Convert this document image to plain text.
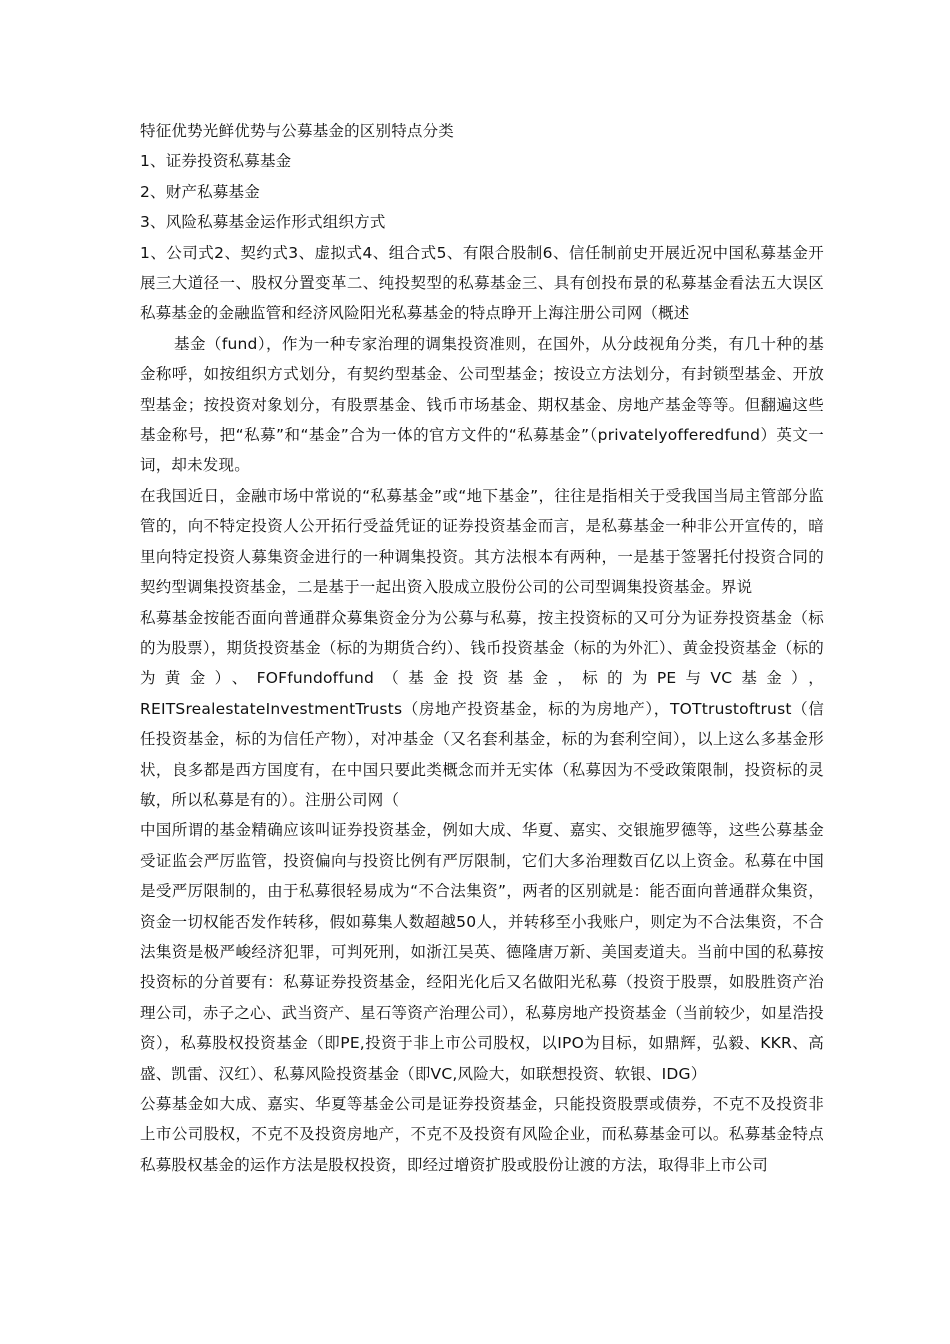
特征优势光鲜优势与公募基金的区别特点分类

1、证券投资私募基金

2、财产私募基金

3、风险私募基金运作形式组织方式

1、公司式2、契约式3、虚拟式4、组合式5、有限合股制6、信任制前史开展近况中国私募基金开展三大道径一、股权分置变革二、纯投契型的私募基金三、具有创投布景的私募基金看法五大误区私募基金的金融监管和经济风险阳光私募基金的特点睁开上海注册公司网（概述

基金（fund），作为一种专家治理的调集投资准则，在国外，从分歧视角分类，有几十种的基金称呼，如按组织方式划分，有契约型基金、公司型基金；按设立方法划分，有封锁型基金、开放型基金；按投资对象划分，有股票基金、钱币市场基金、期权基金、房地产基金等等。但翻遍这些基金称号，把“私募”和“基金”合为一体的官方文件的“私募基金”（privatelyofferedfund）英文一词，却未发现。

在我国近日，金融市场中常说的“私募基金”或“地下基金”，往往是指相关于受我国当局主管部分监管的，向不特定投资人公开拓行受益凭证的证券投资基金而言，是私募基金一种非公开宣传的，暗里向特定投资人募集资金进行的一种调集投资。其方法根本有两种，一是基于签署托付投资合同的契约型调集投资基金，二是基于一起出资入股成立股份公司的公司型调集投资基金。界说

私募基金按能否面向普通群众募集资金分为公募与私募，按主投资标的又可分为证券投资基金（标的为股票），期货投资基金（标的为期货合约）、钱币投资基金（标的为外汇）、黄金投资基金（标的为黄金）、FOFfundoffund（基金投资基金，标的为PE与VC基金），REITSrealestateInvestmentTrusts（房地产投资基金，标的为房地产），TOTtrustoftrust（信任投资基金，标的为信任产物），对冲基金（又名套利基金，标的为套利空间），以上这么多基金形状，良多都是西方国度有，在中国只要此类概念而并无实体（私募因为不受政策限制，投资标的灵敏，所以私募是有的）。注册公司网（

中国所谓的基金精确应该叫证券投资基金，例如大成、华夏、嘉实、交银施罗德等，这些公募基金受证监会严厉监管，投资偏向与投资比例有严厉限制，它们大多治理数百亿以上资金。私募在中国是受严厉限制的，由于私募很轻易成为“不合法集资”，两者的区别就是：能否面向普通群众集资，资金一切权能否发作转移，假如募集人数超越50人，并转移至小我账户，则定为不合法集资，不合法集资是极严峻经济犯罪，可判死刑，如浙江吴英、德隆唐万新、美国麦道夫。当前中国的私募按投资标的分首要有：私募证券投资基金，经阳光化后又名做阳光私募（投资于股票，如股胜资产治理公司，赤子之心、武当资产、星石等资产治理公司），私募房地产投资基金（当前较少，如星浩投资），私募股权投资基金（即PE,投资于非上市公司股权，以IPO为目标，如鼎辉，弘毅、KKR、高盛、凯雷、汉红）、私募风险投资基金（即VC,风险大，如联想投资、软银、IDG）

公募基金如大成、嘉实、华夏等基金公司是证券投资基金，只能投资股票或债券，不克不及投资非上市公司股权，不克不及投资房地产，不克不及投资有风险企业，而私募基金可以。私募基金特点私募股权基金的运作方法是股权投资，即经过增资扩股或股份让渡的方法，取得非上市公司
